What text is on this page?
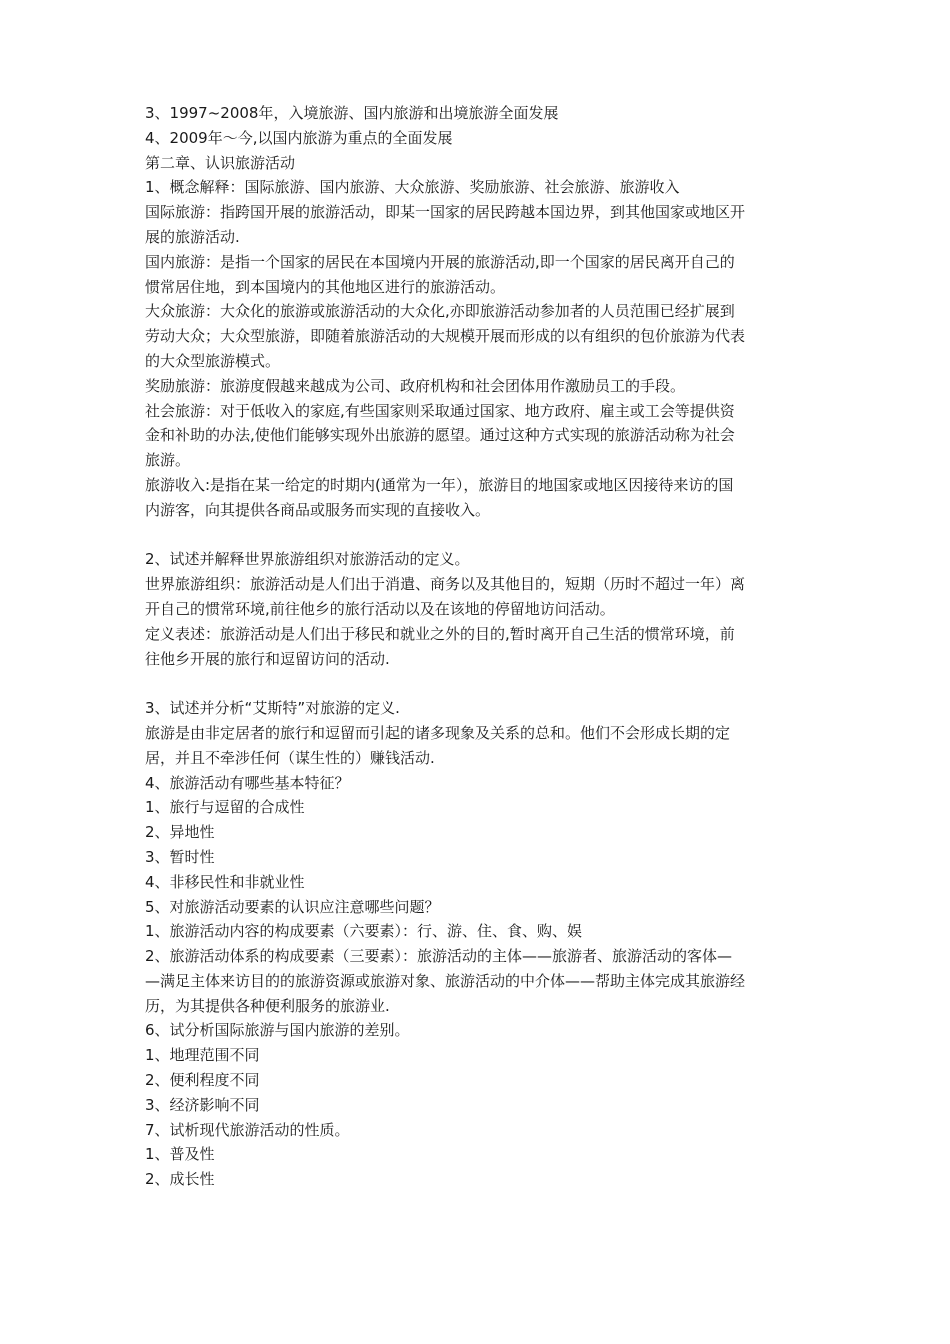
3、1997~2008年，入境旅游、国内旅游和出境旅游全面发展

4、2009年～今,以国内旅游为重点的全面发展

第二章、认识旅游活动

1、概念解释：国际旅游、国内旅游、大众旅游、奖励旅游、社会旅游、旅游收入

国际旅游：指跨国开展的旅游活动，即某一国家的居民跨越本国边界，到其他国家或地区开

展的旅游活动.

国内旅游：是指一个国家的居民在本国境内开展的旅游活动,即一个国家的居民离开自己的

惯常居住地，到本国境内的其他地区进行的旅游活动。

大众旅游：大众化的旅游或旅游活动的大众化,亦即旅游活动参加者的人员范围已经扩展到

劳动大众；大众型旅游，即随着旅游活动的大规模开展而形成的以有组织的包价旅游为代表

的大众型旅游模式。

奖励旅游：旅游度假越来越成为公司、政府机构和社会团体用作激励员工的手段。

社会旅游：对于低收入的家庭,有些国家则采取通过国家、地方政府、雇主或工会等提供资

金和补助的办法,使他们能够实现外出旅游的愿望。通过这种方式实现的旅游活动称为社会

旅游。

旅游收入:是指在某一给定的时期内(通常为一年），旅游目的地国家或地区因接待来访的国

内游客，向其提供各商品或服务而实现的直接收入。

2、试述并解释世界旅游组织对旅游活动的定义。

世界旅游组织：旅游活动是人们出于消遣、商务以及其他目的，短期（历时不超过一年）离

开自己的惯常环境,前往他乡的旅行活动以及在该地的停留地访问活动。

定义表述：旅游活动是人们出于移民和就业之外的目的,暂时离开自己生活的惯常环境，前

往他乡开展的旅行和逗留访问的活动.

3、试述并分析“艾斯特”对旅游的定义.

旅游是由非定居者的旅行和逗留而引起的诸多现象及关系的总和。他们不会形成长期的定

居，并且不牵涉任何（谋生性的）赚钱活动.

4、旅游活动有哪些基本特征？

1、旅行与逗留的合成性

2、异地性

3、暂时性

4、非移民性和非就业性

5、对旅游活动要素的认识应注意哪些问题？

1、旅游活动内容的构成要素（六要素）：行、游、住、食、购、娱

2、旅游活动体系的构成要素（三要素）：旅游活动的主体——旅游者、旅游活动的客体—

—满足主体来访目的的旅游资源或旅游对象、旅游活动的中介体——帮助主体完成其旅游经

历，为其提供各种便利服务的旅游业.

6、试分析国际旅游与国内旅游的差别。

1、地理范围不同

2、便利程度不同

3、经济影响不同

7、试析现代旅游活动的性质。

1、普及性

2、成长性
